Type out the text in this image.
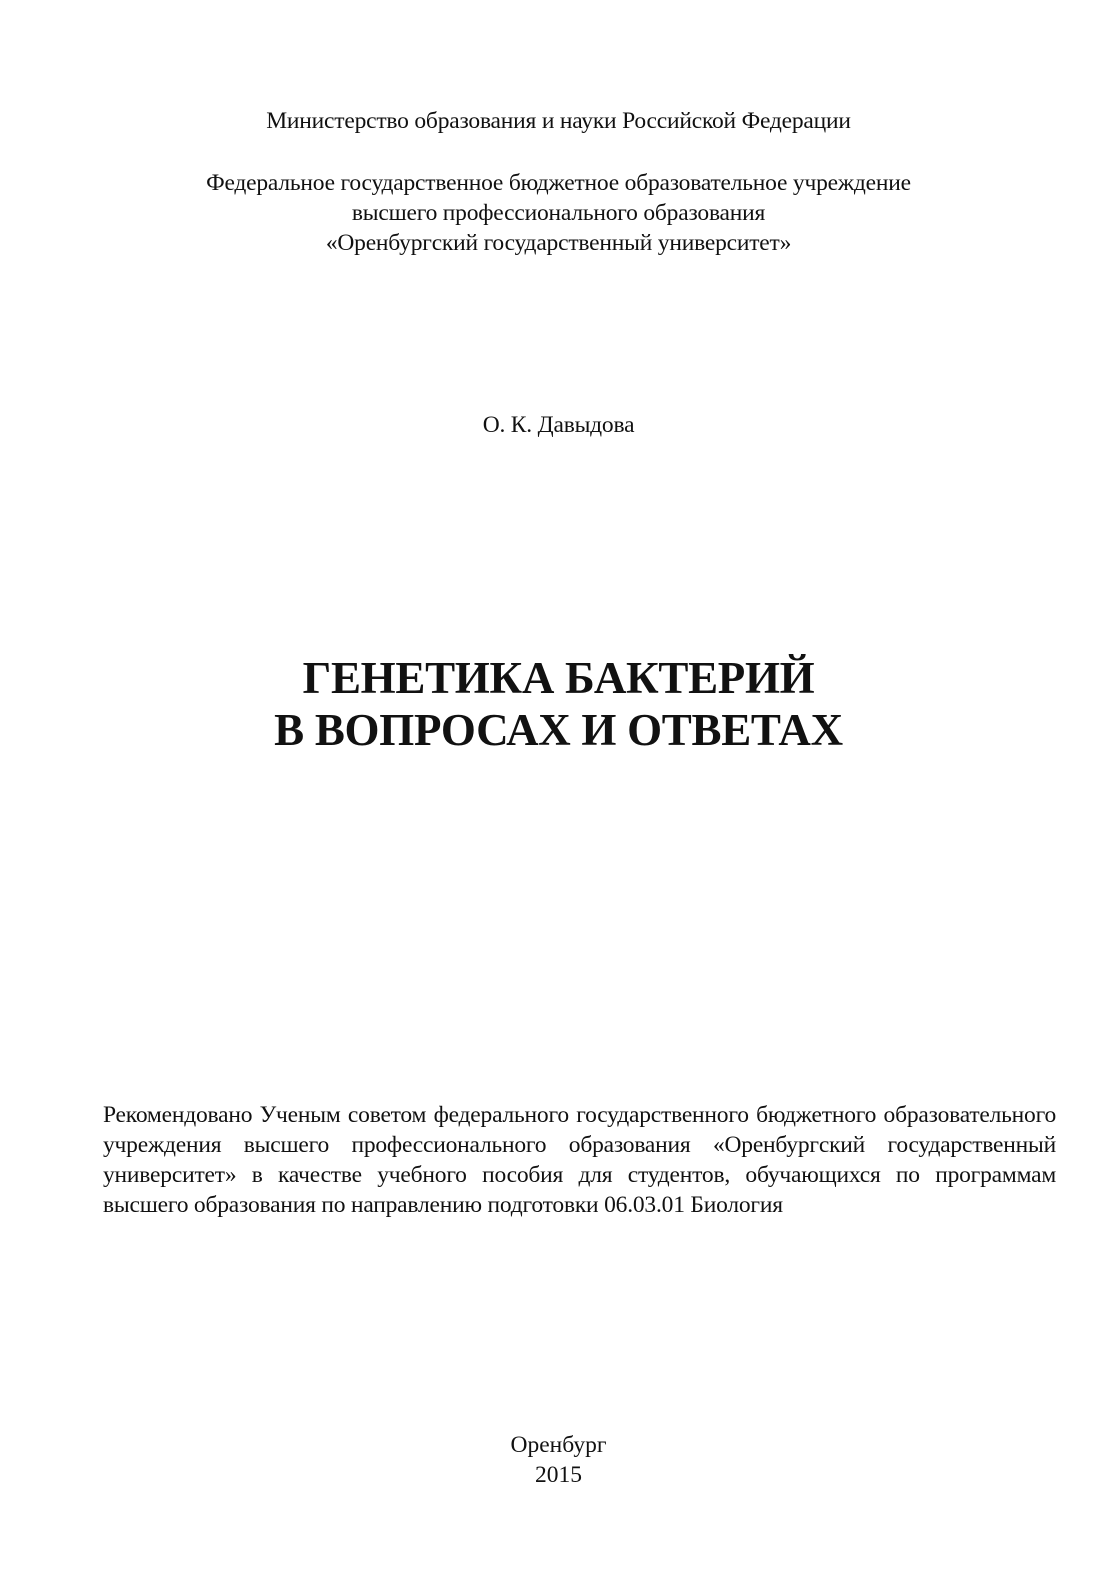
Министерство образования и науки Российской Федерации
Федеральное государственное бюджетное образовательное учреждение
высшего профессионального образования
«Оренбургский государственный университет»
О. К. Давыдова
ГЕНЕТИКА БАКТЕРИЙ
В ВОПРОСАХ И ОТВЕТАХ
Рекомендовано Ученым советом федерального государственного бюджетного образовательного учреждения высшего профессионального образования «Оренбургский государственный университет» в качестве учебного пособия для студентов, обучающихся по программам высшего образования по направлению подготовки 06.03.01 Биология
Оренбург
2015
